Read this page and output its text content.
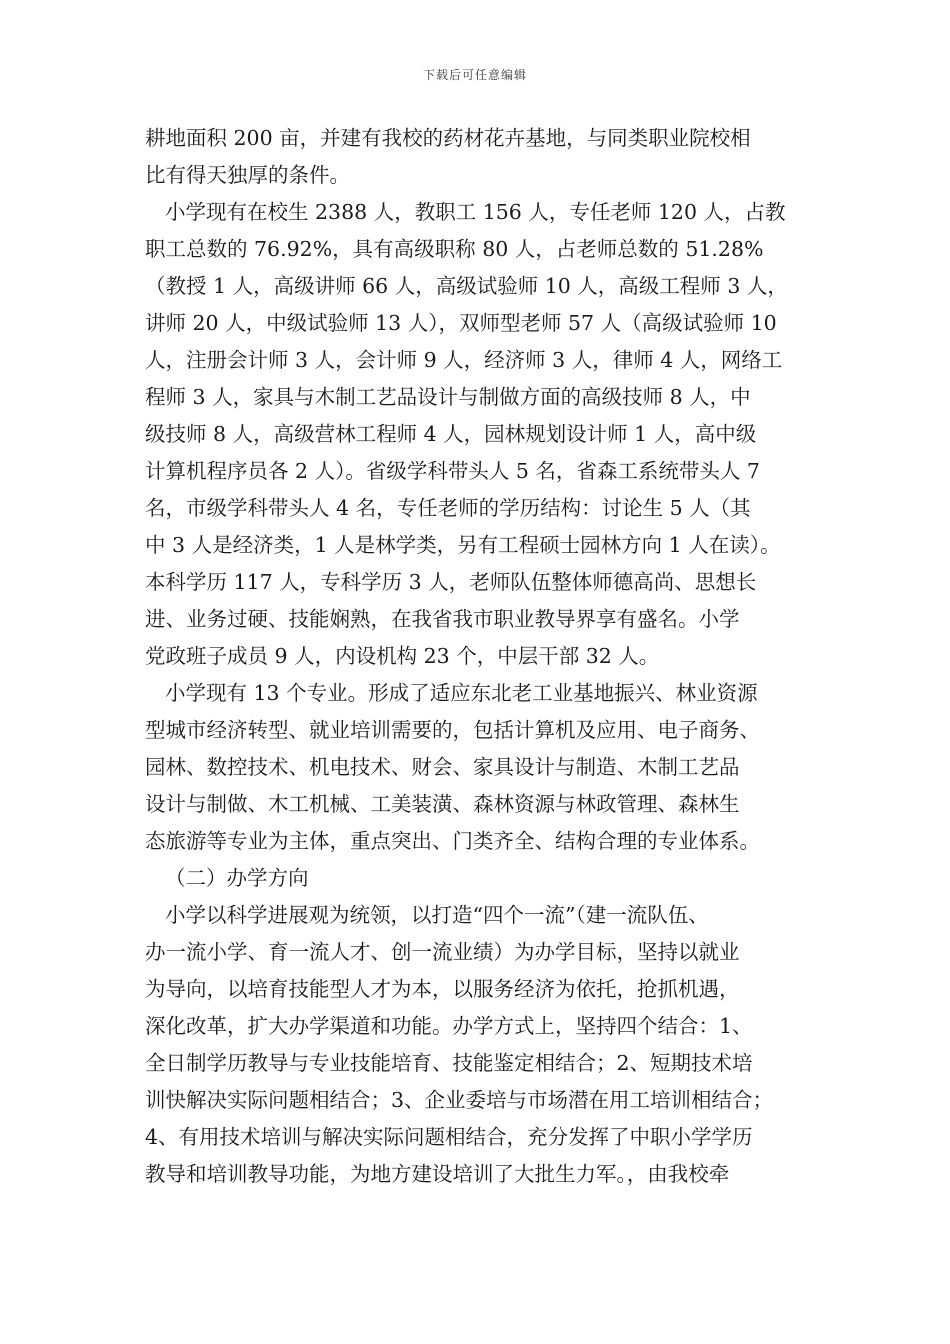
下载后可任意编辑
耕地面积 200 亩，并建有我校的药材花卉基地，与同类职业院校相
比有得天独厚的条件。
小学现有在校生 2388 人，教职工 156 人，专任老师 120 人，占教
职工总数的 76.92%，具有高级职称 80 人，占老师总数的 51.28%
（教授 1 人，高级讲师 66 人，高级试验师 10 人，高级工程师 3 人，
讲师 20 人，中级试验师 13 人），双师型老师 57 人（高级试验师 10
人，注册会计师 3 人，会计师 9 人，经济师 3 人，律师 4 人，网络工
程师 3 人，家具与木制工艺品设计与制做方面的高级技师 8 人，中
级技师 8 人，高级营林工程师 4 人，园林规划设计师 1 人，高中级
计算机程序员各 2 人）。省级学科带头人 5 名，省森工系统带头人 7
名，市级学科带头人 4 名，专任老师的学历结构：讨论生 5 人（其
中 3 人是经济类，1 人是林学类，另有工程硕士园林方向 1 人在读）。
本科学历 117 人，专科学历 3 人，老师队伍整体师德高尚、思想长
进、业务过硬、技能娴熟，在我省我市职业教导界享有盛名。小学
党政班子成员 9 人，内设机构 23 个，中层干部 32 人。
小学现有 13 个专业。形成了适应东北老工业基地振兴、林业资源
型城市经济转型、就业培训需要的，包括计算机及应用、电子商务、
园林、数控技术、机电技术、财会、家具设计与制造、木制工艺品
设计与制做、木工机械、工美装潢、森林资源与林政管理、森林生
态旅游等专业为主体，重点突出、门类齐全、结构合理的专业体系。
（二）办学方向
小学以科学进展观为统领，以打造“四个一流”（建一流队伍、
办一流小学、育一流人才、创一流业绩）为办学目标，坚持以就业
为导向，以培育技能型人才为本，以服务经济为依托，抢抓机遇，
深化改革，扩大办学渠道和功能。办学方式上，坚持四个结合：1、
全日制学历教导与专业技能培育、技能鉴定相结合；2、短期技术培
训快解决实际问题相结合；3、企业委培与市场潜在用工培训相结合；
4、有用技术培训与解决实际问题相结合，充分发挥了中职小学学历
教导和培训教导功能，为地方建设培训了大批生力军。，由我校牵
